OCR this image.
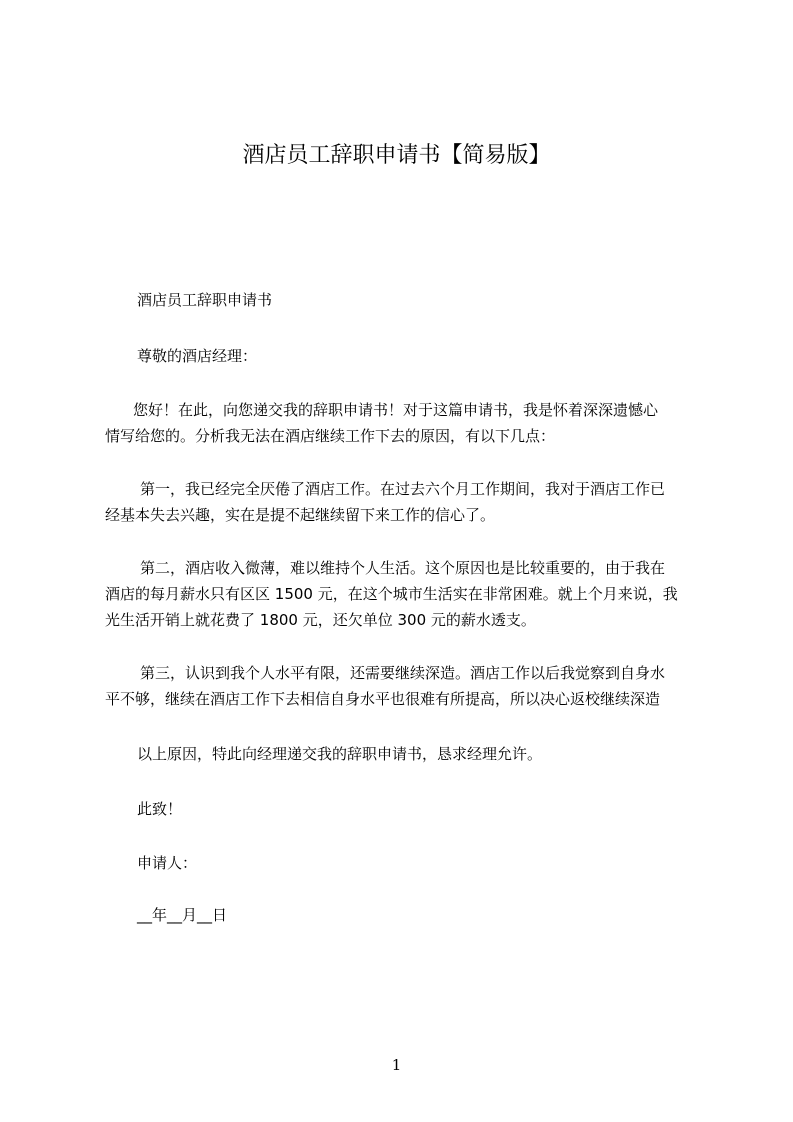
酒店员工辞职申请书【简易版】

酒店员工辞职申请书

尊敬的酒店经理：

您好！在此，向您递交我的辞职申请书！对于这篇申请书，我是怀着深深遗憾心

情写给您的。分析我无法在酒店继续工作下去的原因，有以下几点：

第一，我已经完全厌倦了酒店工作。在过去六个月工作期间，我对于酒店工作已

经基本失去兴趣，实在是提不起继续留下来工作的信心了。

第二，酒店收入微薄，难以维持个人生活。这个原因也是比较重要的，由于我在

酒店的每月薪水只有区区 1500 元，在这个城市生活实在非常困难。就上个月来说，我

光生活开销上就花费了 1800 元，还欠单位 300 元的薪水透支。

第三，认识到我个人水平有限，还需要继续深造。酒店工作以后我觉察到自身水

平不够，继续在酒店工作下去相信自身水平也很难有所提高，所以决心返校继续深造

以上原因，特此向经理递交我的辞职申请书，恳求经理允许。

此致！

申请人：

__年__月__日

1
